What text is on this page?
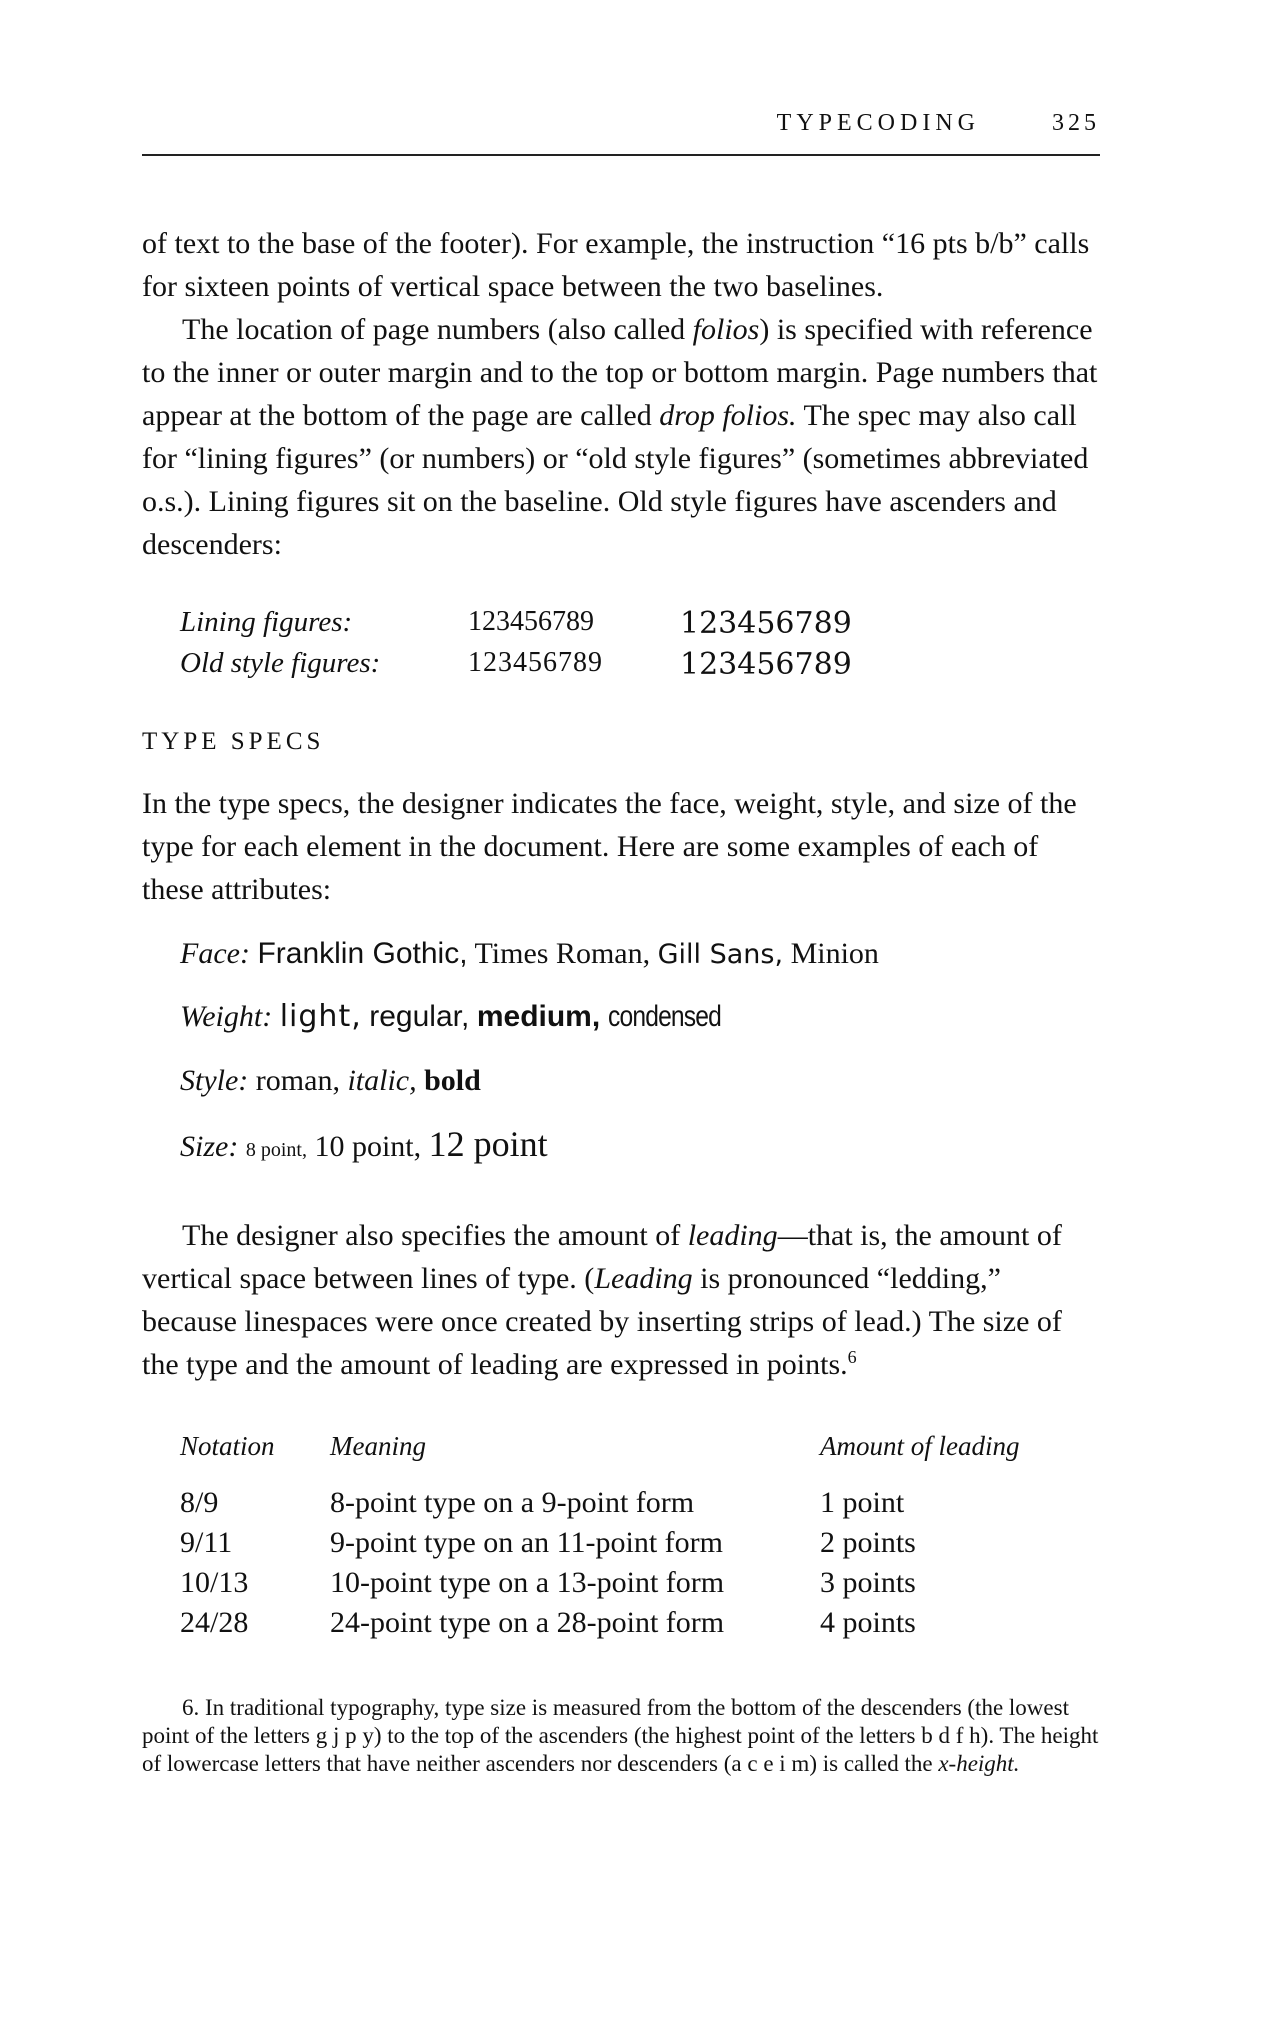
TYPECODING	325

of text to the base of the footer). For example, the instruction “16 pts b/b” calls for sixteen points of vertical space between the two baselines.

The location of page numbers (also called folios) is specified with reference to the inner or outer margin and to the top or bottom margin. Page numbers that appear at the bottom of the page are called drop folios. The spec may also call for “lining figures” (or numbers) or “old style figures” (sometimes abbreviated o.s.). Lining figures sit on the baseline. Old style figures have ascenders and descenders:

Lining figures:	123456789	123456789
Old style figures:	123456789	123456789
TYPE SPECS

In the type specs, the designer indicates the face, weight, style, and size of the type for each element in the document. Here are some examples of each of these attributes:

Face: Franklin Gothic, Times Roman, Gill Sans, Minion
Weight: light, regular, medium, condensed
Style: roman, italic, bold
Size: 8 point, 10 point, 12 point

The designer also specifies the amount of leading—that is, the amount of vertical space between lines of type. (Leading is pronounced “ledding,” because linespaces were once created by inserting strips of lead.) The size of the type and the amount of leading are expressed in points.$^6$

Notation Meaning	Amount of leading
8/9	8-point type on a 9-point form	1 point
9/11	9-point type on an 11-point form	2 points
10/13	10-point type on a 13-point form	3 points
24/28	24-point type on a 28-point form	4 points

6. In traditional typography, type size is measured from the bottom of the descenders (the lowest point of the letters g j p y) to the top of the ascenders (the highest point of the letters b d f h). The height of lowercase letters that have neither ascenders nor descenders (a c e i m) is called the x-height.
